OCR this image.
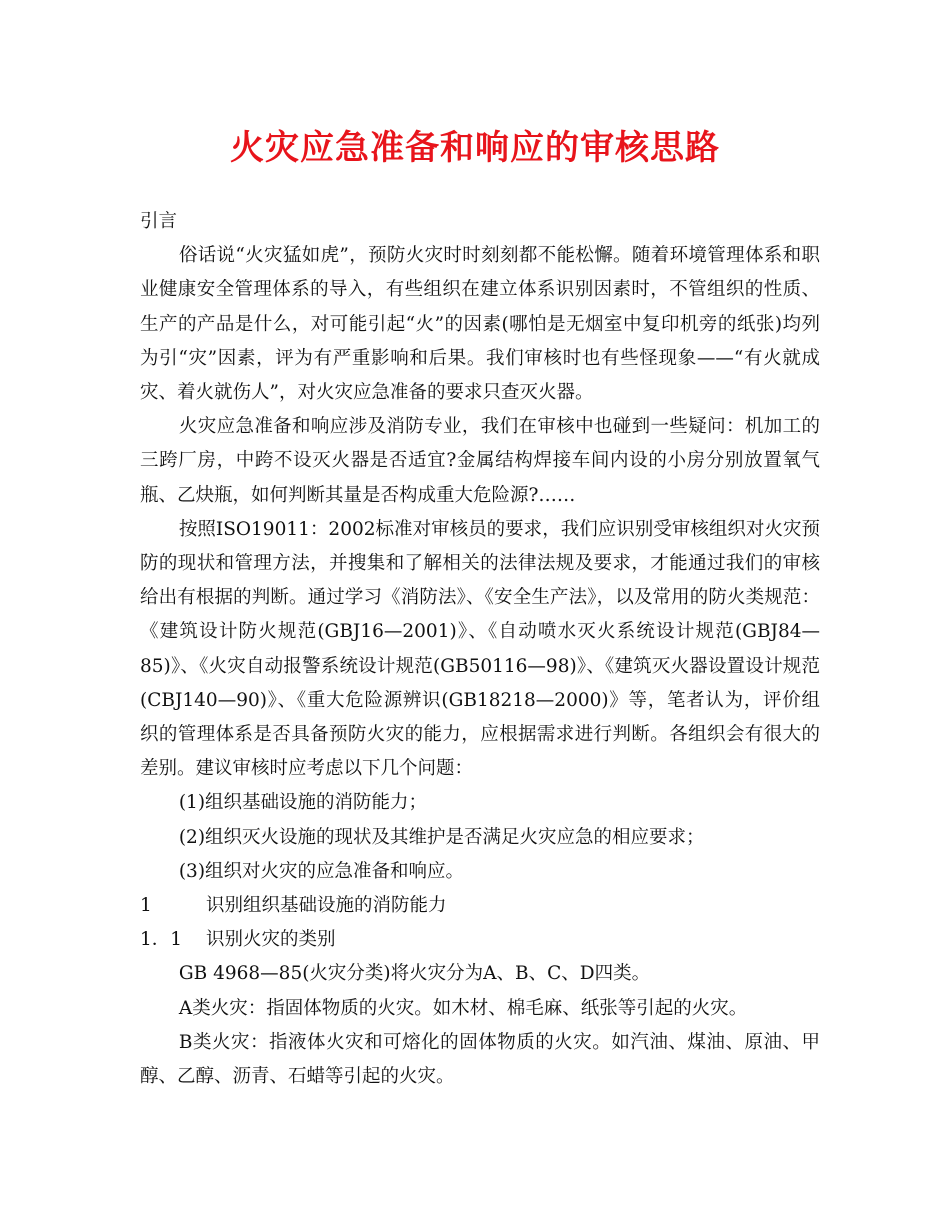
火灾应急准备和响应的审核思路

引言

俗话说“火灾猛如虎”，预防火灾时时刻刻都不能松懈。随着环境管理体系和职业健康安全管理体系的导入，有些组织在建立体系识别因素时，不管组织的性质、生产的产品是什么，对可能引起“火”的因素(哪怕是无烟室中复印机旁的纸张)均列为引“灾”因素，评为有严重影响和后果。我们审核时也有些怪现象——“有火就成灾、着火就伤人”，对火灾应急准备的要求只查灭火器。

火灾应急准备和响应涉及消防专业，我们在审核中也碰到一些疑问：机加工的三跨厂房，中跨不设灭火器是否适宜?金属结构焊接车间内设的小房分别放置氧气瓶、乙炔瓶，如何判断其量是否构成重大危险源?……

按照ISO19011：2002标准对审核员的要求，我们应识别受审核组织对火灾预防的现状和管理方法，并搜集和了解相关的法律法规及要求，才能通过我们的审核给出有根据的判断。通过学习《消防法》、《安全生产法》，以及常用的防火类规范：《建筑设计防火规范(GBJ16—2001)》、《自动喷水灭火系统设计规范(GBJ84—85)》、《火灾自动报警系统设计规范(GB50116—98)》、《建筑灭火器设置设计规范(CBJ140—90)》、《重大危险源辨识(GB18218—2000)》等，笔者认为，评价组织的管理体系是否具备预防火灾的能力，应根据需求进行判断。各组织会有很大的差别。建议审核时应考虑以下几个问题：

(1)组织基础设施的消防能力；

(2)组织灭火设施的现状及其维护是否满足火灾应急的相应要求；

(3)组织对火灾的应急准备和响应。

1	识别组织基础设施的消防能力

1．1 识别火灾的类别

GB 4968—85(火灾分类)将火灾分为A、B、C、D四类。

A类火灾：指固体物质的火灾。如木材、棉毛麻、纸张等引起的火灾。

B类火灾：指液体火灾和可熔化的固体物质的火灾。如汽油、煤油、原油、甲醇、乙醇、沥青、石蜡等引起的火灾。
